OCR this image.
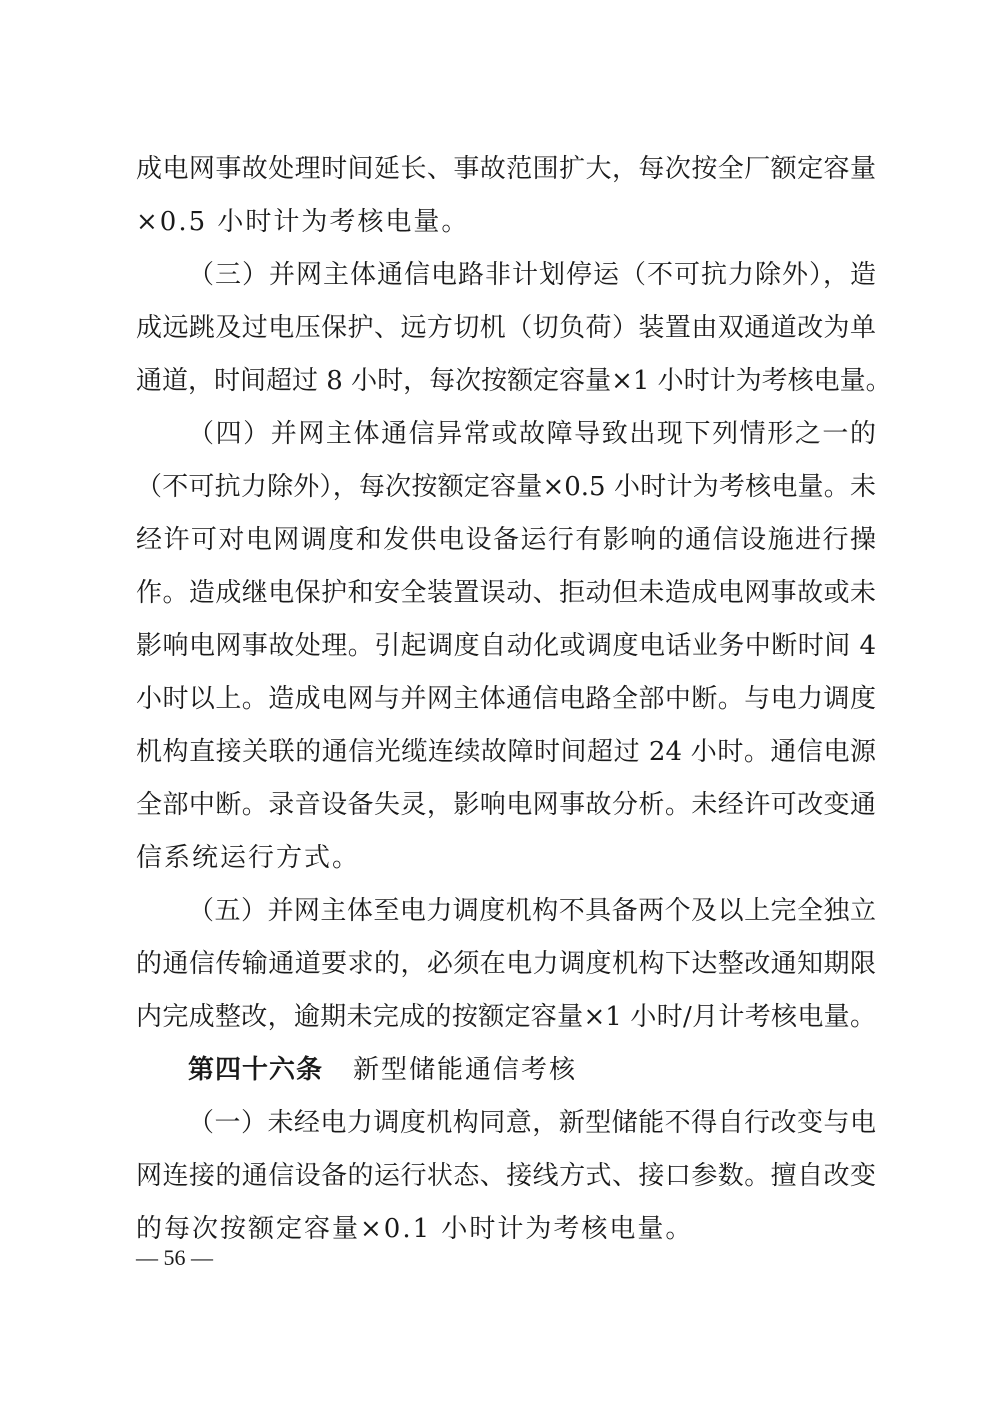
成电网事故处理时间延长、事故范围扩大，每次按全厂额定容量
×0.5 小时计为考核电量。
（三）并网主体通信电路非计划停运（不可抗力除外），造
成远跳及过电压保护、远方切机（切负荷）装置由双通道改为单
通道，时间超过 8 小时，每次按额定容量×1 小时计为考核电量。
（四）并网主体通信异常或故障导致出现下列情形之一的
（不可抗力除外），每次按额定容量×0.5 小时计为考核电量。未
经许可对电网调度和发供电设备运行有影响的通信设施进行操
作。造成继电保护和安全装置误动、拒动但未造成电网事故或未
影响电网事故处理。引起调度自动化或调度电话业务中断时间 4
小时以上。造成电网与并网主体通信电路全部中断。与电力调度
机构直接关联的通信光缆连续故障时间超过 24 小时。通信电源
全部中断。录音设备失灵，影响电网事故分析。未经许可改变通
信系统运行方式。
（五）并网主体至电力调度机构不具备两个及以上完全独立
的通信传输通道要求的，必须在电力调度机构下达整改通知期限
内完成整改，逾期未完成的按额定容量×1 小时/月计考核电量。
第四十六条 新型储能通信考核
（一）未经电力调度机构同意，新型储能不得自行改变与电
网连接的通信设备的运行状态、接线方式、接口参数。擅自改变
的每次按额定容量×0.1 小时计为考核电量。
— 56 —
